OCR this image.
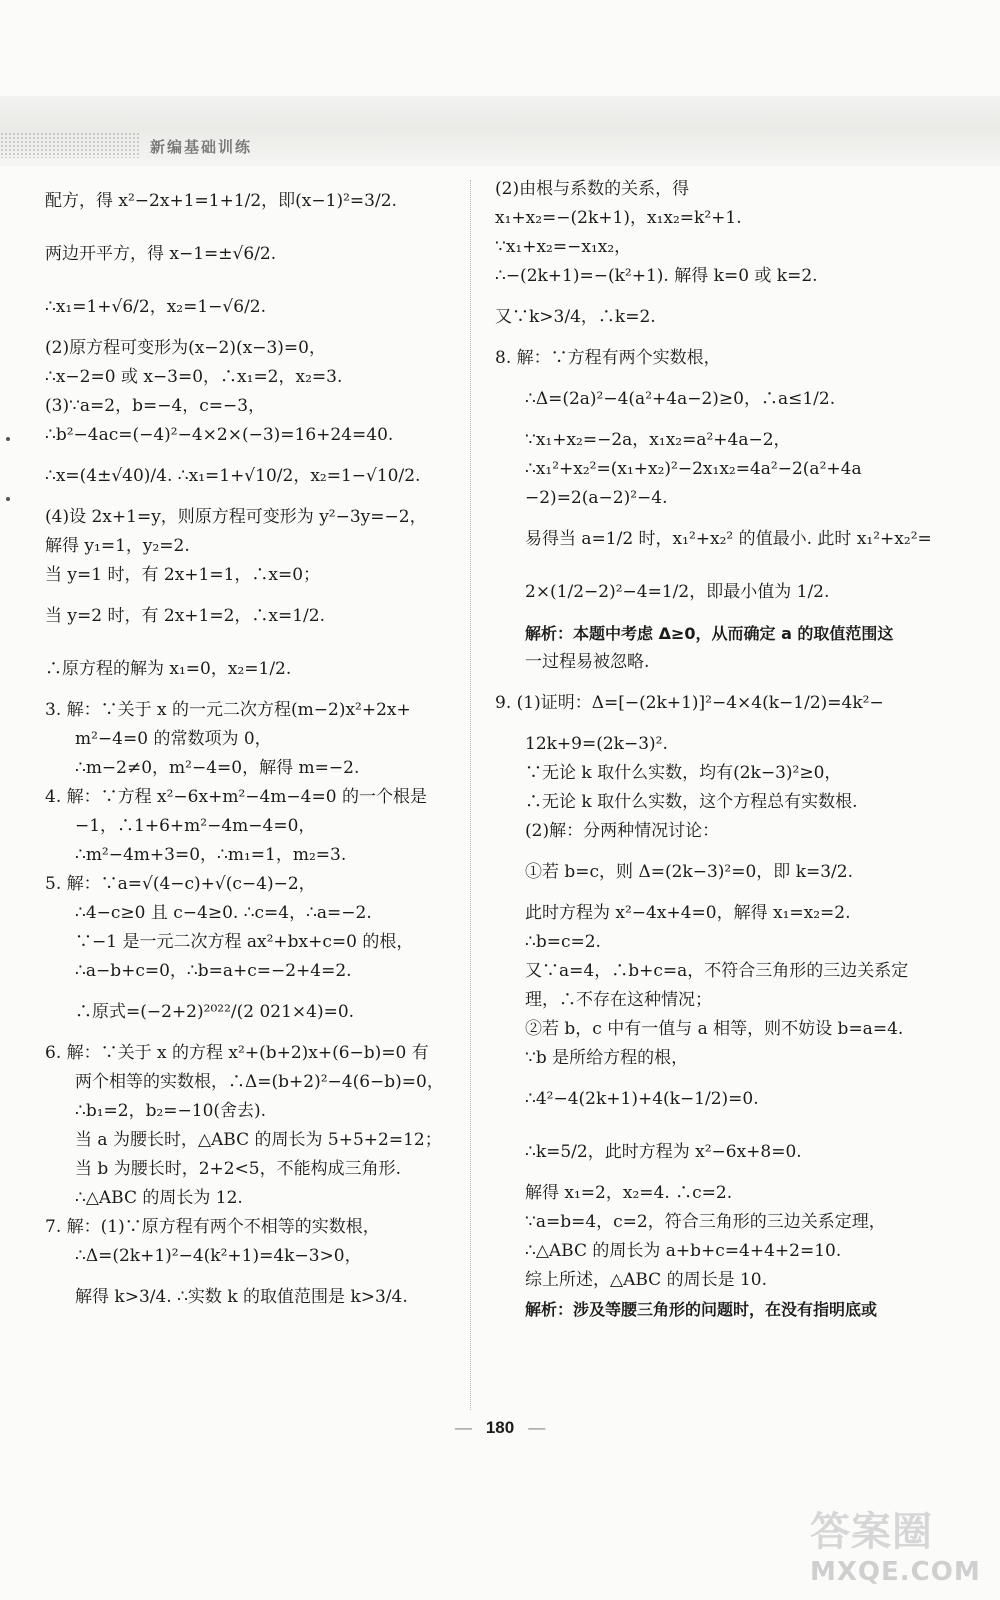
新编基础训练

配方，得 x²−2x+1=1+1/2，即(x−1)²=3/2.

两边开平方，得 x−1=±√6/2.

∴x₁=1+√6/2，x₂=1−√6/2.

(2)原方程可变形为(x−2)(x−3)=0，

∴x−2=0 或 x−3=0，∴x₁=2，x₂=3.

(3)∵a=2，b=−4，c=−3，

∴b²−4ac=(−4)²−4×2×(−3)=16+24=40.

∴x=(4±√40)/4. ∴x₁=1+√10/2，x₂=1−√10/2.

(4)设 2x+1=y，则原方程可变形为 y²−3y=−2，

解得 y₁=1，y₂=2.

当 y=1 时，有 2x+1=1，∴x=0；

当 y=2 时，有 2x+1=2，∴x=1/2.

∴原方程的解为 x₁=0，x₂=1/2.

3. 解：∵关于 x 的一元二次方程(m−2)x²+2x+

m²−4=0 的常数项为 0，

∴m−2≠0，m²−4=0，解得 m=−2.

4. 解：∵方程 x²−6x+m²−4m−4=0 的一个根是

−1，∴1+6+m²−4m−4=0，

∴m²−4m+3=0，∴m₁=1，m₂=3.

5. 解：∵a=√(4−c)+√(c−4)−2，

∴4−c≥0 且 c−4≥0. ∴c=4，∴a=−2.

∵−1 是一元二次方程 ax²+bx+c=0 的根，

∴a−b+c=0，∴b=a+c=−2+4=2.

∴原式=(−2+2)²⁰²²/(2 021×4)=0.

6. 解：∵关于 x 的方程 x²+(b+2)x+(6−b)=0 有

两个相等的实数根，∴Δ=(b+2)²−4(6−b)=0，

∴b₁=2，b₂=−10(舍去).

当 a 为腰长时，△ABC 的周长为 5+5+2=12；

当 b 为腰长时，2+2<5，不能构成三角形.

∴△ABC 的周长为 12.

7. 解：(1)∵原方程有两个不相等的实数根，

∴Δ=(2k+1)²−4(k²+1)=4k−3>0，

解得 k>3/4. ∴实数 k 的取值范围是 k>3/4.

(2)由根与系数的关系，得

x₁+x₂=−(2k+1)，x₁x₂=k²+1.

∵x₁+x₂=−x₁x₂，

∴−(2k+1)=−(k²+1). 解得 k=0 或 k=2.

又∵k>3/4，∴k=2.

8. 解：∵方程有两个实数根，

∴Δ=(2a)²−4(a²+4a−2)≥0，∴a≤1/2.

∵x₁+x₂=−2a，x₁x₂=a²+4a−2，

∴x₁²+x₂²=(x₁+x₂)²−2x₁x₂=4a²−2(a²+4a

−2)=2(a−2)²−4.

易得当 a=1/2 时，x₁²+x₂² 的值最小. 此时 x₁²+x₂²=

2×(1/2−2)²−4=1/2，即最小值为 1/2.

解析：本题中考虑 Δ≥0，从而确定 a 的取值范围这

一过程易被忽略.

9. (1)证明：Δ=[−(2k+1)]²−4×4(k−1/2)=4k²−

12k+9=(2k−3)².

∵无论 k 取什么实数，均有(2k−3)²≥0，

∴无论 k 取什么实数，这个方程总有实数根.

(2)解：分两种情况讨论：

①若 b=c，则 Δ=(2k−3)²=0，即 k=3/2.

此时方程为 x²−4x+4=0，解得 x₁=x₂=2.

∴b=c=2.

又∵a=4，∴b+c=a，不符合三角形的三边关系定

理，∴不存在这种情况；

②若 b，c 中有一值与 a 相等，则不妨设 b=a=4.

∵b 是所给方程的根，

∴4²−4(2k+1)+4(k−1/2)=0.

∴k=5/2，此时方程为 x²−6x+8=0.

解得 x₁=2，x₂=4. ∴c=2.

∵a=b=4，c=2，符合三角形的三边关系定理，

∴△ABC 的周长为 a+b+c=4+4+2=10.

综上所述，△ABC 的周长是 10.

解析：涉及等腰三角形的问题时，在没有指明底或

— 180 —
答案圈
MXQE.COM
